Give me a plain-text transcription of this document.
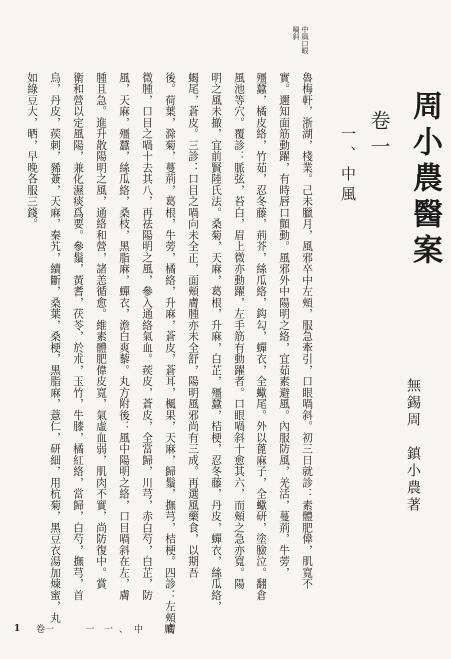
周小農醫案
無錫周　鎮小農著
卷一
一、中風
中風口眼
喎斜
魯梅軒，浙湖，棧業。己未臘月，風邪卒中左頰，服急牽引，口眼喎斜。初三日就診：素體肥偉，肌寬不
實。邇知面筋動躍，有時唇口顫動。風邪外中陽明之絡，宜茹素避風。內服防風，羌活，蔓荊，牛蒡，
殭蠶，橘皮絡，竹茹，忍冬藤，荊芥，絲瓜絡，鈎勾，蟬衣，全蠍尾。外以蓖麻子，全蠍研，塗臉泣。翻倉
風池等穴。覆診：脈弦，苔白，眉上微亦動躍，左手筋有動躍者。口眼喎斜十愈其六，而頰之急亦寬。陽
明之風未撤，宜前賢陸氏法。桑菊，天麻，葛根，升麻，白芷，殭蠶，桔梗，忍冬藤，丹皮，蟬衣，絲瓜絡，
蝎尾，蒼皮。三診：口目之喎向未全正，面頰膚腫亦未全舒，陽明風邪尚有三成。再選風藥食，以期吾
後。荷葉，滁菊，蔓荊，葛根，牛蒡，橘絡，升麻，蒼皮，蒼耳，楓果，天麻，歸鬚，撫芎，桔梗。四診：左頰膚
微腫，口目之喎十去其八，再祛陽明之風，參入通絡氣血。蒺皮，蒼皮，全當歸，川芎，赤白芍，白芷，防
風，天麻，殭蠶，絲瓜絡，桑枝，黑脂麻，蟬衣，澹白爽藜。丸方附後：風中陽明之絡，口目喎斜在左，膚
腫且急。進升散陽明之風，通絡和營，諸恙循愈。維素體肥偉皮寬，氣虛血弱，肌肉不實，尚防復中。賞
衛和營以定風陽，兼化濕痰爲要。參鬚，黃耆，茯苓，於朮，玉竹，牛膝，橘紅絡，當歸，白芍，撫芎，首
烏，丹皮，蒺刺，豨薟，天麻，秦艽，續斷，桑葉，桑梗，黑脂麻，薏仁，研細，用杭菊，黑豆衣湯加煉蜜，丸
如綠豆大，晒，早晚各服三錢。
1	卷一	一	一、中　風
